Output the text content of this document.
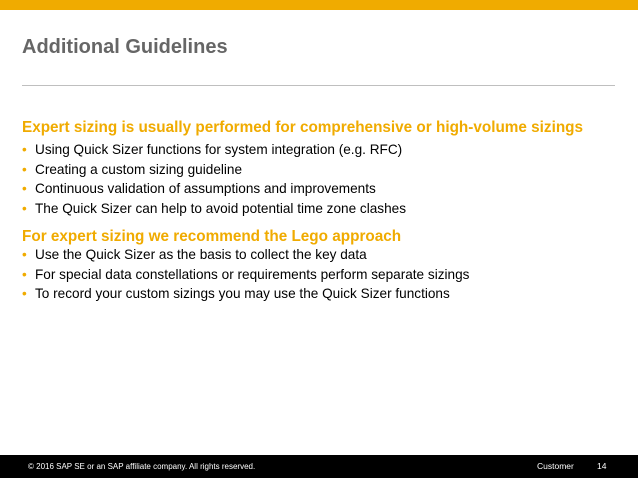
Additional Guidelines
Expert sizing is usually performed for comprehensive or high-volume sizings
• Using Quick Sizer functions for system integration (e.g. RFC)
• Creating a custom sizing guideline
• Continuous validation of assumptions and improvements
• The Quick Sizer can help to avoid potential time zone clashes
For expert sizing we recommend the Lego approach
• Use the Quick Sizer as the basis to collect the key data
• For special data constellations or requirements perform separate sizings
• To record your custom sizings you may use the Quick Sizer functions
© 2016 SAP SE or an SAP affiliate company. All rights reserved.	Customer	14
